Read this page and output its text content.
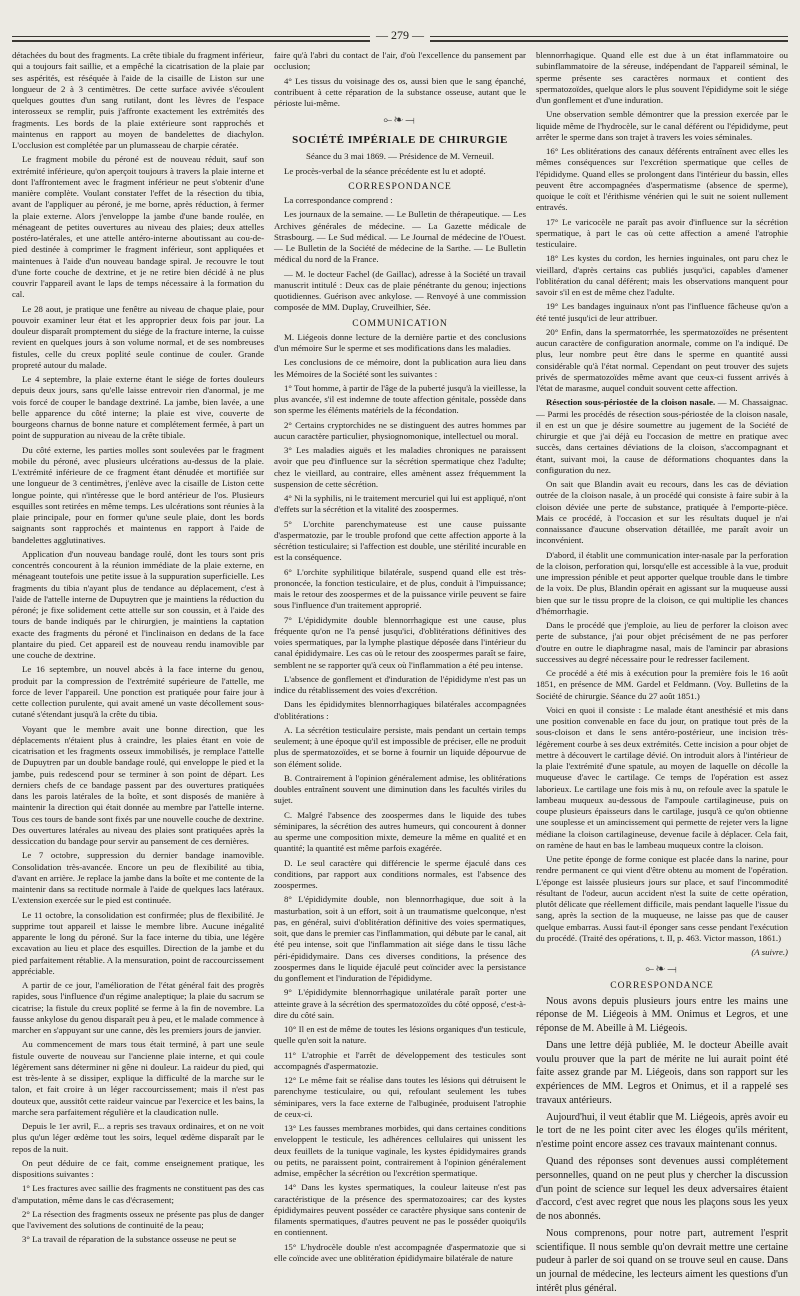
— 279 —

détachées du bout des fragments. La crête tibiale du fragment inférieur, qui a toujours fait saillie, et a empêché la cicatrisation de la plaie par ses aspérités, est réséquée à l'aide de la cisaille de Liston sur une longueur de 2 à 3 centimètres. De cette surface avivée s'écoulent quelques gouttes d'un sang rutilant, dont les lèvres de l'espace interosseux se remplir, puis j'affronte exactement les extrémités des fragments. Les bords de la plaie extérieure sont rapprochés et maintenus en rapport au moyen de bandelettes de diachylon. L'occlusion est complétée par un plumasseau de charpie cératée.

Le fragment mobile du péroné est de nouveau réduit, sauf son extrémité inférieure, qu'on aperçoit toujours à travers la plaie interne et dont l'affrontement avec le fragment inférieur ne peut s'obtenir d'une manière complète. Voulant constater l'effet de la résection du tibia, avant de l'appliquer au péroné, je me borne, après réduction, à fermer la plaie externe. Alors j'enveloppe la jambe d'une bande roulée, en ménageant de petites ouvertures au niveau des plaies; deux attelles postéro-latérales, et une attelle antéro-interne aboutissant au cou-de-pied destinée à comprimer le fragment inférieur, sont appliquées et maintenues à l'aide d'un nouveau bandage spiral. Je recouvre le tout d'une forte couche de dextrine, et je ne retire bien décidé à ne plus couvrir l'appareil avant le laps de temps nécessaire à la formation du cal.

Le 28 aout, je pratique une fenêtre au niveau de chaque plaie, pour pouvoir examiner leur état et les approprier deux fois par jour. La douleur disparaît promptement du siége de la fracture interne, la cuisse revient en quelques jours à son volume normal, et de ses nombreuses fistules, celle du creux poplité seule continue de couler. Grande propreté autour du malade.

Le 4 septembre, la plaie externe étant le siége de fortes douleurs depuis deux jours, sans qu'elle laisse entrevoir rien d'anormal, je me vois forcé de couper le bandage dextriné. La jambe, bien lavée, a une belle apparence du côté interne; la plaie est vive, couverte de bourgeons charnus de bonne nature et complétement fermée, à part un point de suppuration au niveau de la crête tibiale.

Du côté externe, les parties molles sont soulevées par le fragment mobile du péroné, avec plusieurs ulcérations au-dessus de la plaie. L'extrémité inférieure de ce fragment étant dénudée et mortifiée sur une longueur de 3 centimètres, j'enlève avec la cisaille de Liston cette longue pointe, qui n'intéresse que le bord antérieur de l'os. Plusieurs esquilles sont retirées en même temps. Les ulcérations sont réunies à la plaie principale, pour en former qu'une seule plaie, dont les bords saignants sont rapprochés et maintenus en rapport à l'aide de bandelettes agglutinatives.

Application d'un nouveau bandage roulé, dont les tours sont pris concentrés concourent à la réunion immédiate de la plaie externe, en ménageant toutefois une petite issue à la suppuration superficielle. Les fragments du tibia n'ayant plus de tendance au déplacement, c'est à l'aide de l'attelle interne de Dupuytren que je maintiens la réduction du péroné; je fixe solidement cette attelle sur son coussin, et à l'aide des tours de bande indiqués par le chirurgien, je maintiens la captation exacte des fragments du péroné et l'inclinaison en dedans de la face plantaire du pied. Cet appareil est de nouveau rendu inamovible par une couche de dextrine.

Le 16 septembre, un nouvel abcès à la face interne du genou, produit par la compression de l'extrémité supérieure de l'attelle, me force de lever l'appareil. Une ponction est pratiquée pour faire jour à cette collection purulente, qui avait amené un vaste décollement sous-cutané s'étendant jusqu'à la crête du tibia.

Voyant que le membre avait une bonne direction, que les déplacements n'étaient plus à craindre, les plaies étant en voie de cicatrisation et les fragments osseux immobilisés, je remplace l'attelle de Dupuytren par un double bandage roulé, qui enveloppe le pied et la jambe, puis redescend pour se terminer à son point de départ. Les derniers chefs de ce bandage passent par des ouvertures pratiquées dans les parois latérales de la boîte, et sont disposés de manière à maintenir la direction qui était donnée au membre par l'attelle interne. Tous ces tours de bande sont fixés par une nouvelle couche de dextrine. Des ouvertures latérales au niveau des plaies sont pratiquées après la dessiccation du bandage pour servir au pansement de ces dernières.

Le 7 octobre, suppression du dernier bandage inamovible. Consolidation très-avancée. Encore un peu de flexibilité au tibia, d'avant en arrière. Je replace la jambe dans la boîte et me contente de la maintenir dans sa rectitude normale à l'aide de quelques lacs latéraux. L'extension exercée sur le pied est continuée.

Le 11 octobre, la consolidation est confirmée; plus de flexibilité. Je supprime tout appareil et laisse le membre libre. Aucune inégalité apparente le long du péroné. Sur la face interne du tibia, une légère excavation au lieu et place des esquilles. Direction de la jambe et du pied parfaitement rétablie. A la mensuration, point de raccourcissement appréciable.

A partir de ce jour, l'amélioration de l'état général fait des progrès rapides, sous l'influence d'un régime analeptique; la plaie du sacrum se cicatrise; la fistule du creux poplité se ferme à la fin de novembre. La fausse ankylose du genou disparaît peu à peu, et le malade commence à marcher en s'appuyant sur une canne, dès les premiers jours de janvier.

Au commencement de mars tous était terminé, à part une seule fistule ouverte de nouveau sur l'ancienne plaie interne, et qui coule légèrement sans déterminer ni gêne ni douleur. La raideur du pied, qui est très-lente à se dissiper, explique la difficulté de la marche sur le talon, et fait croire à un léger raccourcissement; mais il n'est pas douteux que, aussitôt cette raideur vaincue par l'exercice et les bains, la marche sera parfaitement régulière et la claudication nulle.

Depuis le 1er avril, F... a repris ses travaux ordinaires, et on ne voit plus qu'un léger œdème tout les soirs, lequel œdème disparaît par le repos de la nuit.

On peut déduire de ce fait, comme enseignement pratique, les dispositions suivantes :

1° Les fractures avec saillie des fragments ne constituent pas des cas d'amputation, même dans le cas d'écrasement;

2° La résection des fragments osseux ne présente pas plus de danger que l'avivement des solutions de continuité de la peau;

3° La travail de réparation de la substance osseuse ne peut se

faire qu'à l'abri du contact de l'air, d'où l'excellence du pansement par occlusion;

4° Les tissus du voisinage des os, aussi bien que le sang épanché, contribuent à cette réparation de la substance osseuse, autant que le périoste lui-même.

⟜❧⟞
SOCIÉTÉ IMPÉRIALE DE CHIRURGIE

Séance du 3 mai 1869. — Présidence de M. Verneuil.

Le procès-verbal de la séance précédente est lu et adopté.

CORRESPONDANCE

La correspondance comprend :

Les journaux de la semaine. — Le Bulletin de thérapeutique. — Les Archives générales de médecine. — La Gazette médicale de Strasbourg. — Le Sud médical. — Le Journal de médecine de l'Ouest. — Le Bulletin de la Société de médecine de la Sarthe. — Le Bulletin médical du nord de la France.

— M. le docteur Fachel (de Gaillac), adresse à la Société un travail manuscrit intitulé : Deux cas de plaie pénétrante du genou; injections quotidiennes. Guérison avec ankylose. — Renvoyé à une commission composée de MM. Duplay, Cruveilhier, Sée.

COMMUNICATION

M. Liégeois donne lecture de la dernière partie et des conclusions d'un mémoire Sur le sperme et ses modifications dans les maladies.

Les conclusions de ce mémoire, dont la publication aura lieu dans les Mémoires de la Société sont les suivantes :

1° Tout homme, à partir de l'âge de la puberté jusqu'à la vieillesse, la plus avancée, s'il est indemne de toute affection génitale, possède dans son sperme les éléments matériels de la fécondation.

2° Certains cryptorchides ne se distinguent des autres hommes par aucun caractère particulier, physiognomonique, intellectuel ou moral.

3° Les maladies aiguës et les maladies chroniques ne paraissent avoir que peu d'influence sur la sécrétion spermatique chez l'adulte; chez le vieillard, au contraire, elles amènent assez fréquemment la suspension de cette sécrétion.

4° Ni la syphilis, ni le traitement mercuriel qui lui est appliqué, n'ont d'effets sur la sécrétion et la vitalité des zoospermes.

5° L'orchite parenchymateuse est une cause puissante d'aspermatozie, par le trouble profond que cette affection apporte à la sécrétion testiculaire; si l'affection est double, une stérilité incurable en est la conséquence.

6° L'orchite syphilitique bilatérale, suspend quand elle est très-prononcée, la fonction testiculaire, et de plus, conduit à l'impuissance; mais le retour des zoospermes et de la puissance virile peuvent se faire sous l'influence d'un traitement approprié.

7° L'épididymite double blennorrhagique est une cause, plus fréquente qu'on ne l'a pensé jusqu'ici, d'oblitérations définitives des voies spermatiques, par la lymphe plastique déposée dans l'intérieur du canal épididymaire. Les cas où le retour des zoospermes paraît se faire, semblent ne se rapporter qu'à ceux où l'inflammation a été peu intense.

L'absence de gonflement et d'induration de l'épididyme n'est pas un indice du rétablissement des voies d'excrétion.

Dans les épididymites blennorrhagiques bilatérales accompagnées d'oblitérations :

A. La sécrétion testiculaire persiste, mais pendant un certain temps seulement; à une époque qu'il est impossible de préciser, elle ne produit plus de spermatozoïdes, et se borne à fournir un liquide dépourvue de son élément solide.

B. Contrairement à l'opinion généralement admise, les oblitérations doubles entraînent souvent une diminution dans les facultés viriles du sujet.

C. Malgré l'absence des zoospermes dans le liquide des tubes séminipares, la sécrétion des autres humeurs, qui concourent à donner au sperme une composition mixte, demeure la même en qualité et en quantité; la quantité est même parfois exagérée.

D. Le seul caractère qui différencie le sperme éjaculé dans ces conditions, par rapport aux conditions normales, est l'absence des zoospermes.

8° L'épididymite double, non blennorrhagique, due soit à la masturbation, soit à un effort, soit à un traumatisme quelconque, n'est pas, en général, suivi d'oblitération définitive des voies spermatiques, soit, que dans le premier cas l'inflammation, qui débute par le canal, ait été peu intense, soit que l'inflammation ait siége dans le tissu lâche péri-épididymaire. Dans ces diverses conditions, la présence des zoospermes dans le liquide éjaculé peut coïncider avec la persistance du gonflement et l'induration de l'épididyme.

9° L'épididymite blennorrhagique unilatérale paraît porter une atteinte grave à la sécrétion des spermatozoïdes du côté opposé, c'est-à-dire du côté sain.

10° Il en est de même de toutes les lésions organiques d'un testicule, quelle qu'en soit la nature.

11° L'atrophie et l'arrêt de développement des testicules sont accompagnés d'aspermatozie.

12° Le même fait se réalise dans toutes les lésions qui détruisent le parenchyme testiculaire, ou qui, refoulant seulement les tubes séminipares, vers la face externe de l'albuginée, produisent l'atrophie de ceux-ci.

13° Les fausses membranes morbides, qui dans certaines conditions enveloppent le testicule, les adhérences cellulaires qui unissent les deux feuillets de la tunique vaginale, les kystes épididymaires grands ou petits, ne paraissent point, contrairement à l'opinion généralement admise, empêcher la sécrétion ou l'excrétion spermatique.

14° Dans les kystes spermatiques, la couleur laiteuse n'est pas caractéristique de la présence des spermatozoaires; car des kystes épididymaires peuvent posséder ce caractère physique sans contenir de filaments spermatiques, d'autres peuvent ne pas le posséder quoiqu'ils en contiennent.

15° L'hydrocèle double n'est accompagnée d'aspermatozie que si elle coïncide avec une oblitération épididymaire bilatérale de nature

blennorrhagique. Quand elle est due à un état inflammatoire ou subinflammatoire de la séreuse, indépendant de l'appareil séminal, le sperme présente ses caractères normaux et contient des spermatozoïdes, quelque alors le plus souvent l'épididyme soit le siége d'un gonflement et d'une induration.

Une observation semble démontrer que la pression exercée par le liquide même de l'hydrocèle, sur le canal déférent ou l'épididyme, peut arrêter le sperme dans son trajet à travers les voies séminales.

16° Les oblitérations des canaux déférents entraînent avec elles les mêmes conséquences sur l'excrétion spermatique que celles de l'épididyme. Quand elles se prolongent dans l'intérieur du bassin, elles peuvent être accompagnées d'aspermatisme (absence de sperme), quoique le coït et l'érithisme vénérien qui le suit ne soient nullement entravés.

17° Le varicocèle ne paraît pas avoir d'influence sur la sécrétion spermatique, à part le cas où cette affection a amené l'atrophie testiculaire.

18° Les kystes du cordon, les hernies inguinales, ont paru chez le vieillard, d'après certains cas publiés jusqu'ici, capables d'amener l'oblitération du canal déférent; mais les observations manquent pour savoir s'il en est de même chez l'adulte.

19° Les bandages inguinaux n'ont pas l'influence fâcheuse qu'on a été tenté jusqu'ici de leur attribuer.

20° Enfin, dans la spermatorrhée, les spermatozoïdes ne présentent aucun caractère de configuration anormale, comme on l'a indiqué. De plus, leur nombre peut être dans le sperme en quantité aussi considérable qu'à l'état normal. Cependant on peut trouver des sujets privés de spermatozoïdes même avant que ceux-ci fussent arrivés à l'état de marasme, auquel conduit souvent cette affection.

Résection sous-périostée de la cloison nasale. — M. Chassaignac. — Parmi les procédés de résection sous-périostée de la cloison nasale, il en est un que je désire soumettre au jugement de la Société de chirurgie et que j'ai déjà eu l'occasion de mettre en pratique avec succès, dans certaines déviations de la cloison, s'accompagnant et étant, suivant moi, la cause de déformations choquantes dans la configuration du nez.

On sait que Blandin avait eu recours, dans les cas de déviation outrée de la cloison nasale, à un procédé qui consiste à faire subir à la cloison déviée une perte de substance, pratiquée à l'emporte-pièce. Mais ce procédé, à l'occasion et sur les résultats duquel je n'ai connaissance d'aucune observation détaillée, me paraît avoir un inconvénient.

D'abord, il établit une communication inter-nasale par la perforation de la cloison, perforation qui, lorsqu'elle est accessible à la vue, produit une impression pénible et peut apporter quelque trouble dans le timbre de la voix. De plus, Blandin opérait en agissant sur la muqueuse aussi bien que sur le tissu propre de la cloison, ce qui multiplie les chances d'hémorrhagie.

Dans le procédé que j'emploie, au lieu de perforer la cloison avec perte de substance, j'ai pour objet précisément de ne pas perforer d'outre en outre le diaphragme nasal, mais de l'amincir par abrasions successives au degré nécessaire pour le redresser facilement.

Ce procédé a été mis à exécution pour la première fois le 16 août 1851, en présence de MM. Gardel et Feldmann. (Voy. Bulletins de la Société de chirurgie. Séance du 27 août 1851.)

Voici en quoi il consiste : Le malade étant anesthésié et mis dans une position convenable en face du jour, on pratique tout près de la sous-cloison et dans le sens antéro-postérieur, une incision très-légèrement courbe à ses deux extrémités. Cette incision a pour objet de mettre à découvert le cartilage dévié. On introduit alors à l'intérieur de la plaie l'extrémité d'une spatule, au moyen de laquelle on décolle la muqueuse d'avec le cartilage. Ce temps de l'opération est assez laborieux. Le cartilage une fois mis à nu, on refoule avec la spatule le lambeau muqueux au-dessous de l'ampoule cartilagineuse, puis on coupe plusieurs épaisseurs dans le cartilage, jusqu'à ce qu'on obtienne une souplesse et un amincissement qui permette de rejeter vers la ligne médiane la cloison cartilagineuse, devenue facile à déplacer. Cela fait, on ramène de haut en bas le lambeau muqueux contre la cloison.

Une petite éponge de forme conique est placée dans la narine, pour rendre permanent ce qui vient d'être obtenu au moment de l'opération. L'éponge est laissée plusieurs jours sur place, et sauf l'incommodité résultant de l'odeur, aucun accident n'est la suite de cette opération, plutôt délicate que réellement difficile, mais pendant laquelle l'issue du sang, après la section de la muqueuse, ne laisse pas que de causer quelque embarras. Aussi faut-il éponger sans cesse pendant l'exécution du procédé. (Traité des opérations, t. II, p. 463. Victor masson, 1861.)

(A suivre.)

⟜❧⟞
CORRESPONDANCE

Nous avons depuis plusieurs jours entre les mains une réponse de M. Liégeois à MM. Onimus et Legros, et une réponse de M. Abeille à M. Liégeois.

Dans une lettre déjà publiée, M. le docteur Abeille avait voulu prouver que la part de mérite ne lui aurait point été faite assez grande par M. Liégeois, dans son rapport sur les expériences de MM. Legros et Onimus, et il a rappelé ses travaux antérieurs.

Aujourd'hui, il veut établir que M. Liégeois, après avoir eu le tort de ne les point citer avec les éloges qu'ils méritent, n'estime point encore assez ces travaux maintenant connus.

Quand des réponses sont devenues aussi complétement personnelles, quand on ne peut plus y chercher la discussion d'un point de science sur lequel les deux adversaires étaient d'accord, c'est avec regret que nous les plaçons sous les yeux de nos abonnés.

Nous comprenons, pour notre part, autrement l'esprit scientifique. Il nous semble qu'on devrait mettre une certaine pudeur à parler de soi quand on se trouve seul en cause. Dans un journal de médecine, les lecteurs aiment les questions d'un intérêt plus général.
